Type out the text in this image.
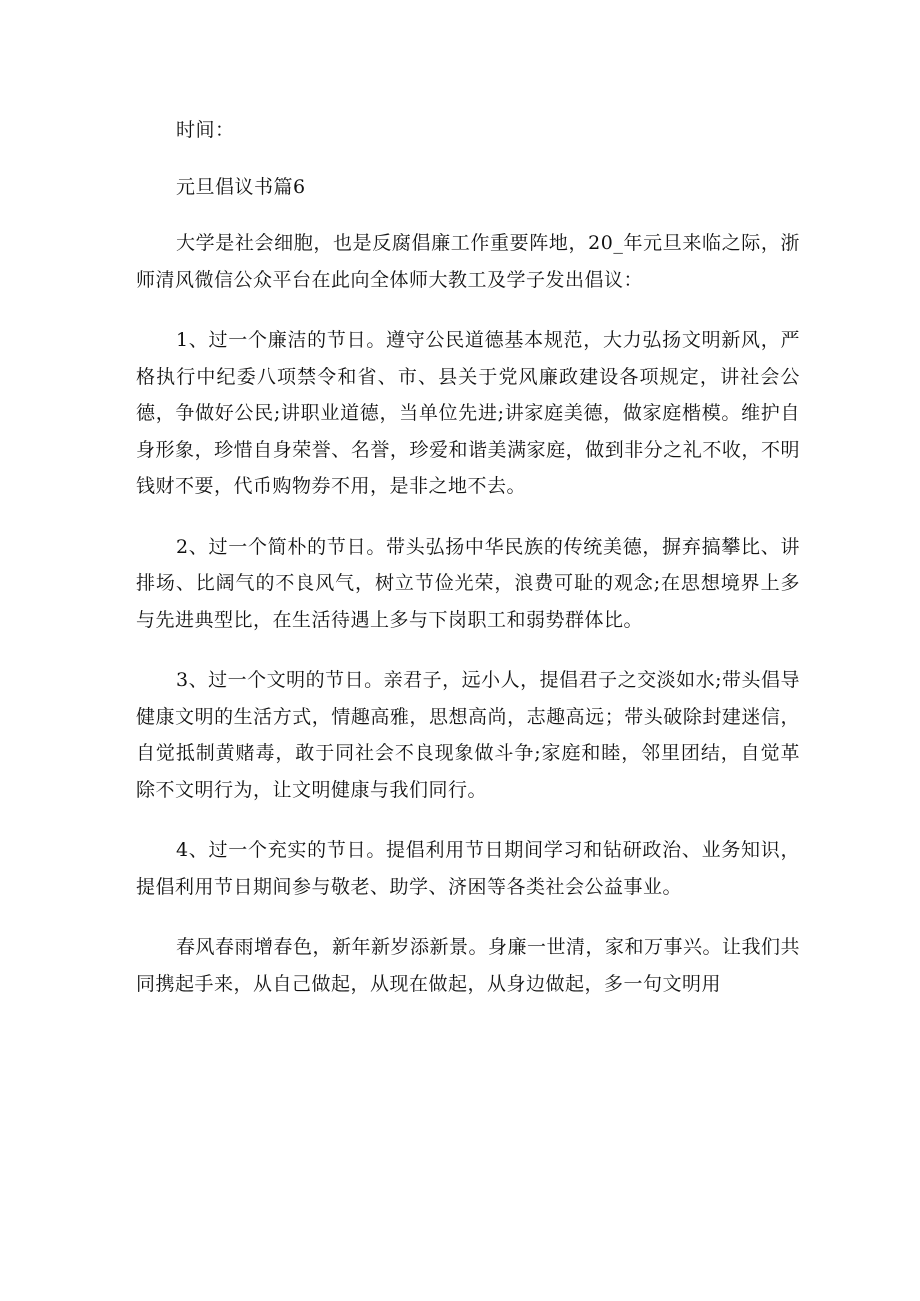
时间：

元旦倡议书篇6

大学是社会细胞，也是反腐倡廉工作重要阵地，20_年元旦来临之际，浙师清风微信公众平台在此向全体师大教工及学子发出倡议：

1、过一个廉洁的节日。遵守公民道德基本规范，大力弘扬文明新风，严格执行中纪委八项禁令和省、市、县关于党风廉政建设各项规定，讲社会公德，争做好公民;讲职业道德，当单位先进;讲家庭美德，做家庭楷模。维护自身形象，珍惜自身荣誉、名誉，珍爱和谐美满家庭，做到非分之礼不收，不明钱财不要，代币购物券不用，是非之地不去。

2、过一个简朴的节日。带头弘扬中华民族的传统美德，摒弃搞攀比、讲排场、比阔气的不良风气，树立节俭光荣，浪费可耻的观念;在思想境界上多与先进典型比，在生活待遇上多与下岗职工和弱势群体比。

3、过一个文明的节日。亲君子，远小人，提倡君子之交淡如水;带头倡导健康文明的生活方式，情趣高雅，思想高尚，志趣高远；带头破除封建迷信，自觉抵制黄赌毒，敢于同社会不良现象做斗争;家庭和睦，邻里团结，自觉革除不文明行为，让文明健康与我们同行。

4、过一个充实的节日。提倡利用节日期间学习和钻研政治、业务知识，提倡利用节日期间参与敬老、助学、济困等各类社会公益事业。

春风春雨增春色，新年新岁添新景。身廉一世清，家和万事兴。让我们共同携起手来，从自己做起，从现在做起，从身边做起，多一句文明用
